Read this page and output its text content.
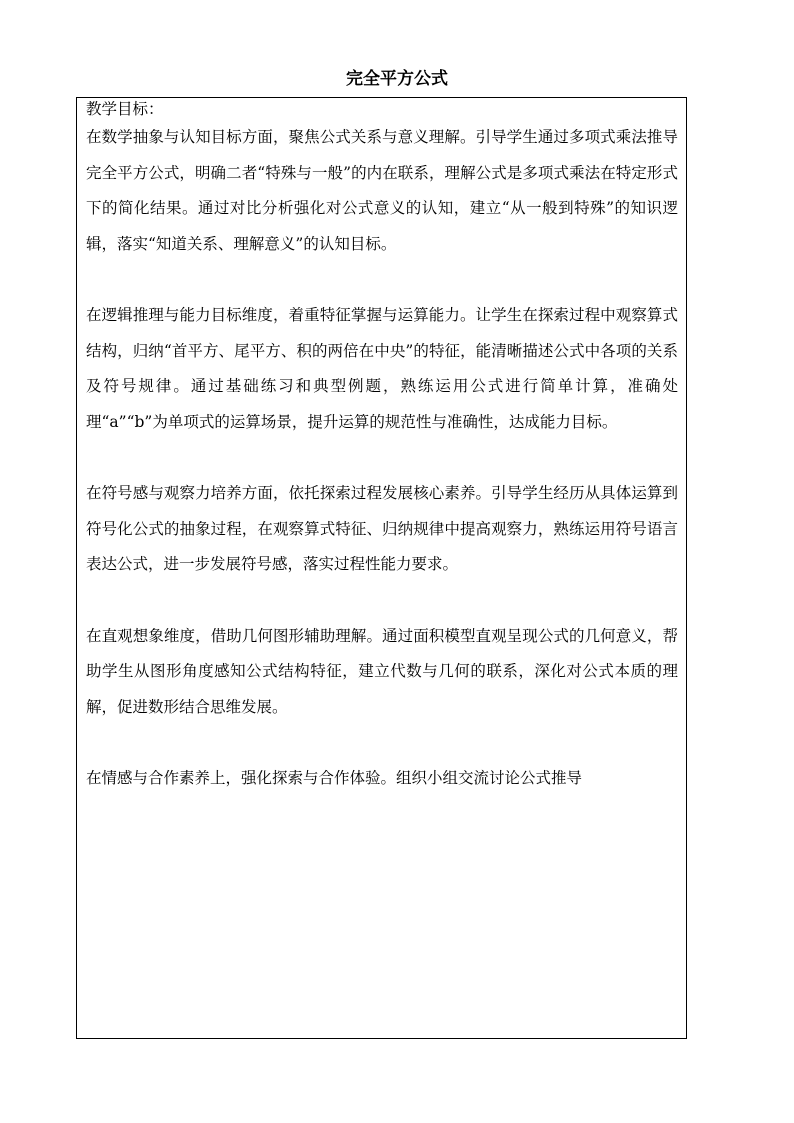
完全平方公式

教学目标：

在数学抽象与认知目标方面，聚焦公式关系与意义理解。引导学生通过多项式乘法推导完全平方公式，明确二者“特殊与一般”的内在联系，理解公式是多项式乘法在特定形式下的简化结果。通过对比分析强化对公式意义的认知，建立“从一般到特殊”的知识逻辑，落实“知道关系、理解意义”的认知目标。

在逻辑推理与能力目标维度，着重特征掌握与运算能力。让学生在探索过程中观察算式结构，归纳“首平方、尾平方、积的两倍在中央”的特征，能清晰描述公式中各项的关系及符号规律。通过基础练习和典型例题，熟练运用公式进行简单计算，准确处理“a”“b”为单项式的运算场景，提升运算的规范性与准确性，达成能力目标。

在符号感与观察力培养方面，依托探索过程发展核心素养。引导学生经历从具体运算到符号化公式的抽象过程，在观察算式特征、归纳规律中提高观察力，熟练运用符号语言表达公式，进一步发展符号感，落实过程性能力要求。

在直观想象维度，借助几何图形辅助理解。通过面积模型直观呈现公式的几何意义，帮助学生从图形角度感知公式结构特征，建立代数与几何的联系，深化对公式本质的理解，促进数形结合思维发展。

在情感与合作素养上，强化探索与合作体验。组织小组交流讨论公式推导
